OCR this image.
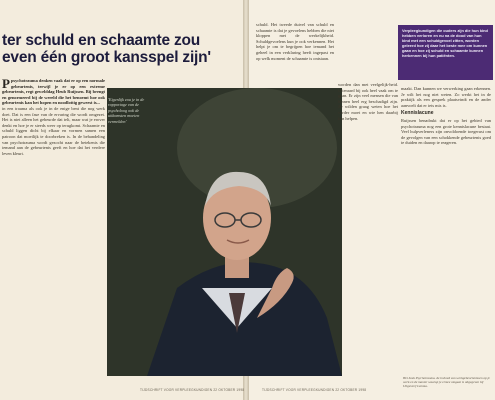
ter schuld en schaamte zou
even één groot kansspel zijn'
P psychotrauma denken vaak dat er op een normale gebeurtenis, terwijl je er op een extreme gebeurtenis, regt gewelddag Heub Ruijssen. Bij brengt en genormeerd bij de wereld die het benoemt hoe ook gebeurtenis kan het hopen en noodlottig geweest is...
in een trauma als ook je in de enige bent die nog werk doet. Dat is een fase van de ervaring die wordt omgezet. Het is niet alleen het gebeurde dat telt, maar wat je erover denkt en hoe je er steeds weer op terugkomt. Schaamte en schuld liggen dicht bij elkaar en vormen samen een patroon dat moeilijk te doorbreken is. In de behandeling van psychotrauma wordt gezocht naar de betekenis die iemand aan de gebeurtenis geeft en hoe dat het verdere leven kleurt.
'Eigenlijk zou je in de rapportage van de psycholoog ook de uitkomsten moeten vermelden'
schuld. Het tweede duivel van schuld en schaamte is dat je gevoelens hebben die niet kloppen met de werkelijkheid. Schuldgevoelens kun je ook verkennen. Het helpt je om te begrijpen hoe iemand het geheel in een verklaring heeft ingepast en op welk moment de schaamte is ontstaan.
worden dan met veelgelijk-heid. Uiteraard bij ook heel vaak om te gaan. Er zijn veel mensen die van binnen heel erg beschadigd zijn. Ze wilden graag weten hoe het verder moet en wie hen daarbij kan helpen.
maakt. Dan kunnen we verwerking gaan erkennen. Je wilt het nog niet weten. Zo werkt het in de praktijk als een gesprek plaatsvindt en de ander aanvoelt dat er iets mis is.
Kennislacune
Ruijssen benadrukt dat er op het gebied van psychotrauma nog een grote kennislacune bestaat. Veel hulpverleners zijn onvoldoende toegerust om de gevolgen van een schokkende gebeurtenis goed te duiden en daarop te reageren.

Verpleegkundigen die ouders zijn die hun kind hebben verloren en nu na de dood van hun kind met een schuldgevoel zitten, worden geleerd hoe zij daar het beste mee om kunnen gaan en hoe zij schuld en schaamte kunnen herkennen bij hun patiënten.

TIJDSCHRIFT VOOR VERPLEEGKUNDIGEN 22 OKTOBER 1998	TIJDSCHRIFT VOOR VERPLEEGKUNDIGEN 22 OKTOBER 1998
Het boek Psychotrauma. de invloed van werkgebeurtenissen op je werk en de manier waarop je ermee omgaat is uitgegeven bij Uitgeverij Lemma.
